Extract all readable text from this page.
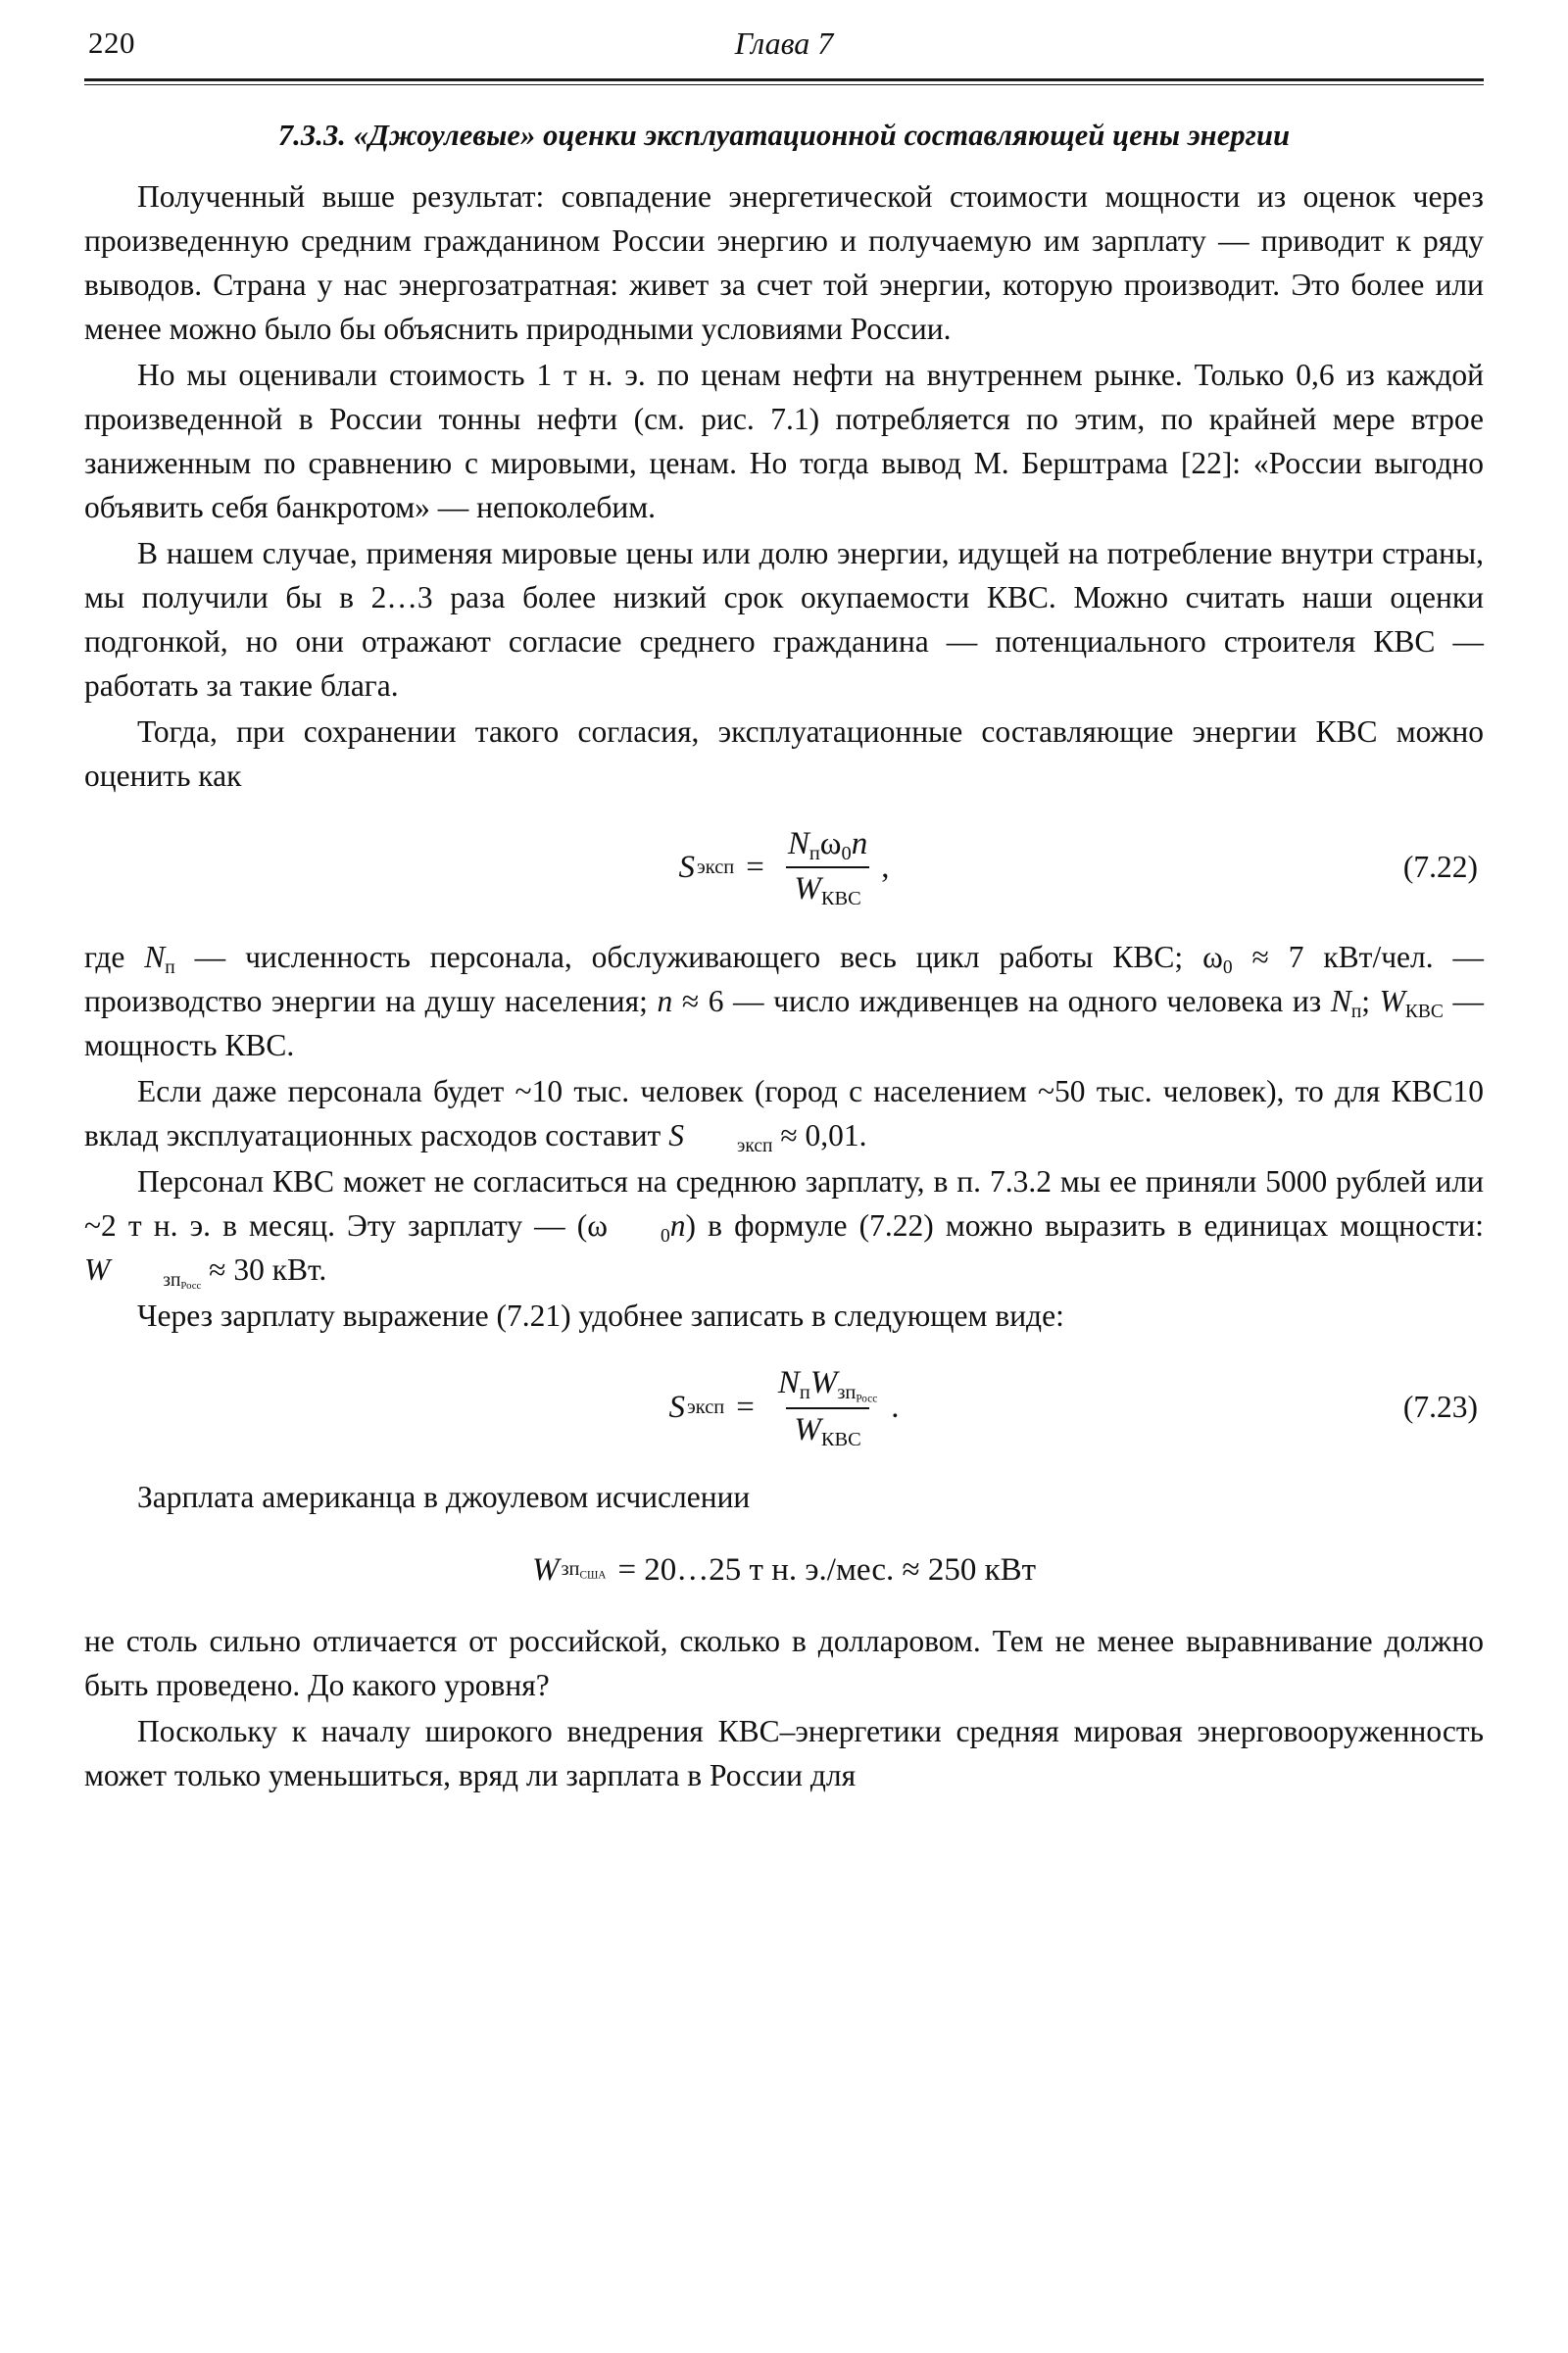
220	Глава 7
7.3.3. «Джоулевые» оценки эксплуатационной составляющей цены энергии

Полученный выше результат: совпадение энергетической стоимости мощности из оценок через произведенную средним гражданином России энергию и получаемую им зарплату — приводит к ряду выводов. Страна у нас энергозатратная: живет за счет той энергии, которую производит. Это более или менее можно было бы объяснить природными условиями России.

Но мы оценивали стоимость 1 т н. э. по ценам нефти на внутреннем рынке. Только 0,6 из каждой произведенной в России тонны нефти (см. рис. 7.1) потребляется по этим, по крайней мере втрое заниженным по сравнению с мировыми, ценам. Но тогда вывод М. Берштрама [22]: «России выгодно объявить себя банкротом» — непоколебим.

В нашем случае, применяя мировые цены или долю энергии, идущей на потребление внутри страны, мы получили бы в 2…3 раза более низкий срок окупаемости КВС. Можно считать наши оценки подгонкой, но они отражают согласие среднего гражданина — потенциального строителя КВС — работать за такие блага.

Тогда, при сохранении такого согласия, эксплуатационные составляющие энергии КВС можно оценить как

S эксп = $\frac{\text{Nпω0n}}{\text{WКВС}}$ ,	(7.22)

где Nп — численность персонала, обслуживающего весь цикл работы КВС; ω0 ≈ 7 кВт/чел. — производство энергии на душу населения; n ≈ 6 — число иждивенцев на одного человека из Nп; WКВС — мощность КВС.

Если даже персонала будет ~10 тыс. человек (город с населением ~50 тыс. человек), то для КВС10 вклад эксплуатационных расходов составит S	эксп ≈ 0,01.

Персонал КВС может не согласиться на среднюю зарплату, в п. 7.3.2 мы ее приняли 5000 рублей или ~2 т н. э. в месяц. Эту зарплату — (ω	0n) в формуле (7.22) можно выразить в единицах мощности: W	зпРосс ≈ 30 кВт.

Через зарплату выражение (7.21) удобнее записать в следующем виде:

S эксп = $\frac{\text{NпWзпРосс}}{\text{WКВС}}$ .	(7.23)

Зарплата американца в джоулевом исчислении

W зпСША = 20…25 т н. э./мес. ≈ 250 кВт

не столь сильно отличается от российской, сколько в долларовом. Тем не менее выравнивание должно быть проведено. До какого уровня?

Поскольку к началу широкого внедрения КВС–энергетики средняя мировая энерговооруженность может только уменьшиться, вряд ли зарплата в России для
